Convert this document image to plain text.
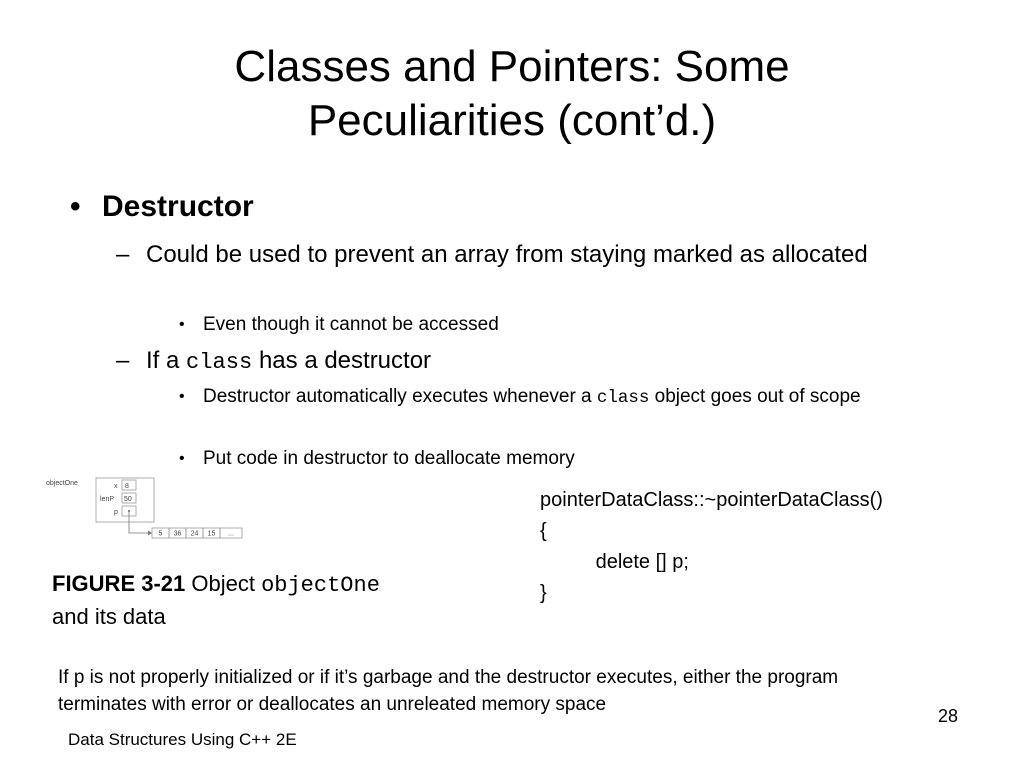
Classes and Pointers: Some
Peculiarities (cont’d.)
• Destructor
– Could be used to prevent an array from staying marked as allocated
• Even though it cannot be accessed
– If a class has a destructor
• Destructor automatically executes whenever a class object goes out of scope
• Put code in destructor to deallocate memory
objectOne	x 8
lenP 50
p
5 36 24 15 ...
FIGURE 3-21 Object objectOne
and its data
pointerDataClass::~pointerDataClass()
{
delete [] p;
}
If p is not properly initialized or if it’s garbage and the destructor executes, either the program terminates with error or deallocates an unreleated memory space
28
Data Structures Using C++ 2E
